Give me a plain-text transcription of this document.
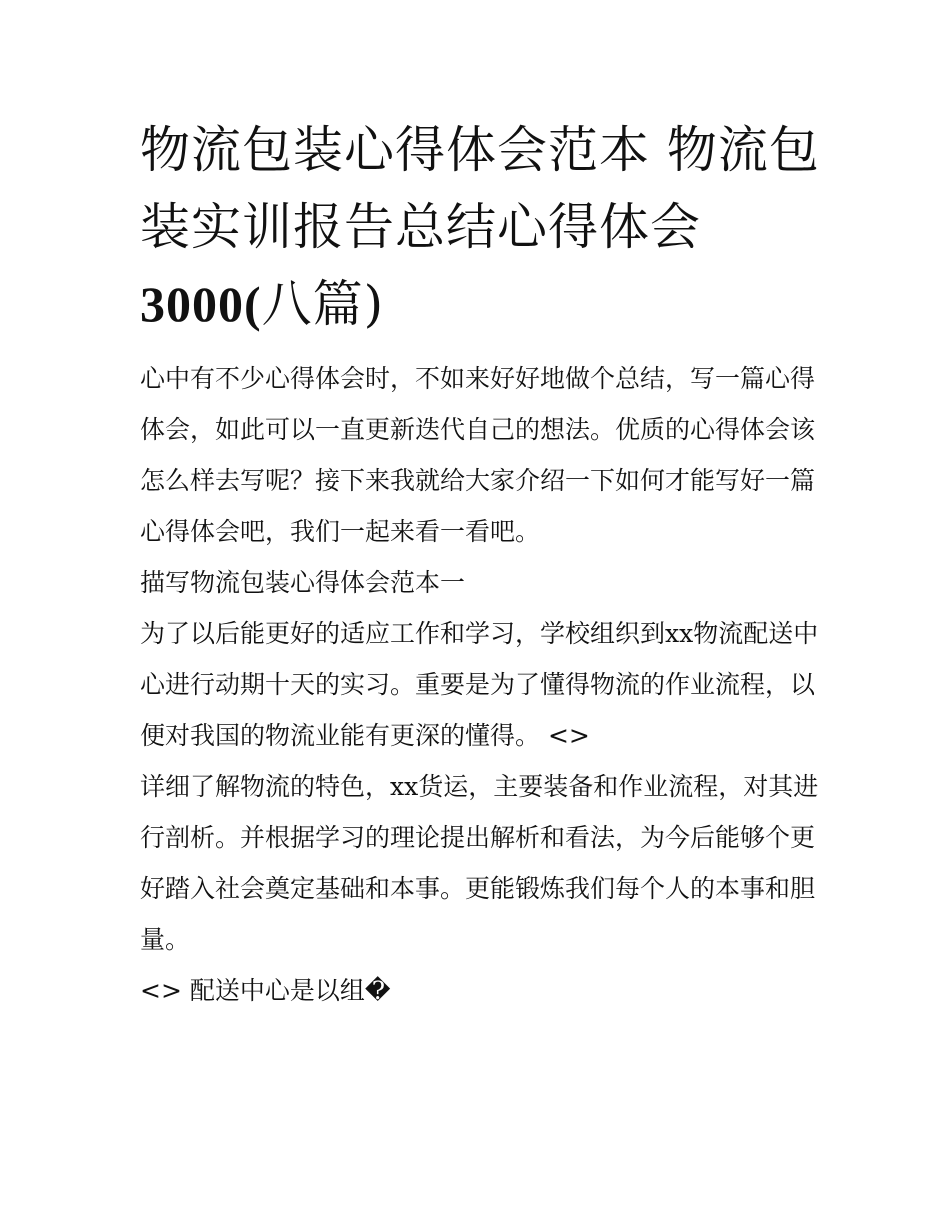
物流包装心得体会范本 物流包装实训报告总结心得体会
3000(八篇)

心中有不少心得体会时，不如来好好地做个总结，写一篇心得体会，如此可以一直更新迭代自己的想法。优质的心得体会该怎么样去写呢？接下来我就给大家介绍一下如何才能写好一篇心得体会吧，我们一起来看一看吧。

描写物流包装心得体会范本一

为了以后能更好的适应工作和学习，学校组织到xx物流配送中心进行动期十天的实习。重要是为了懂得物流的作业流程，以便对我国的物流业能有更深的懂得。 <>

详细了解物流的特色，xx货运，主要装备和作业流程，对其进行剖析。并根据学习的理论提出解析和看法，为今后能够个更好踏入社会奠定基础和本事。更能锻炼我们每个人的本事和胆量。

<> 配送中心是以组�
